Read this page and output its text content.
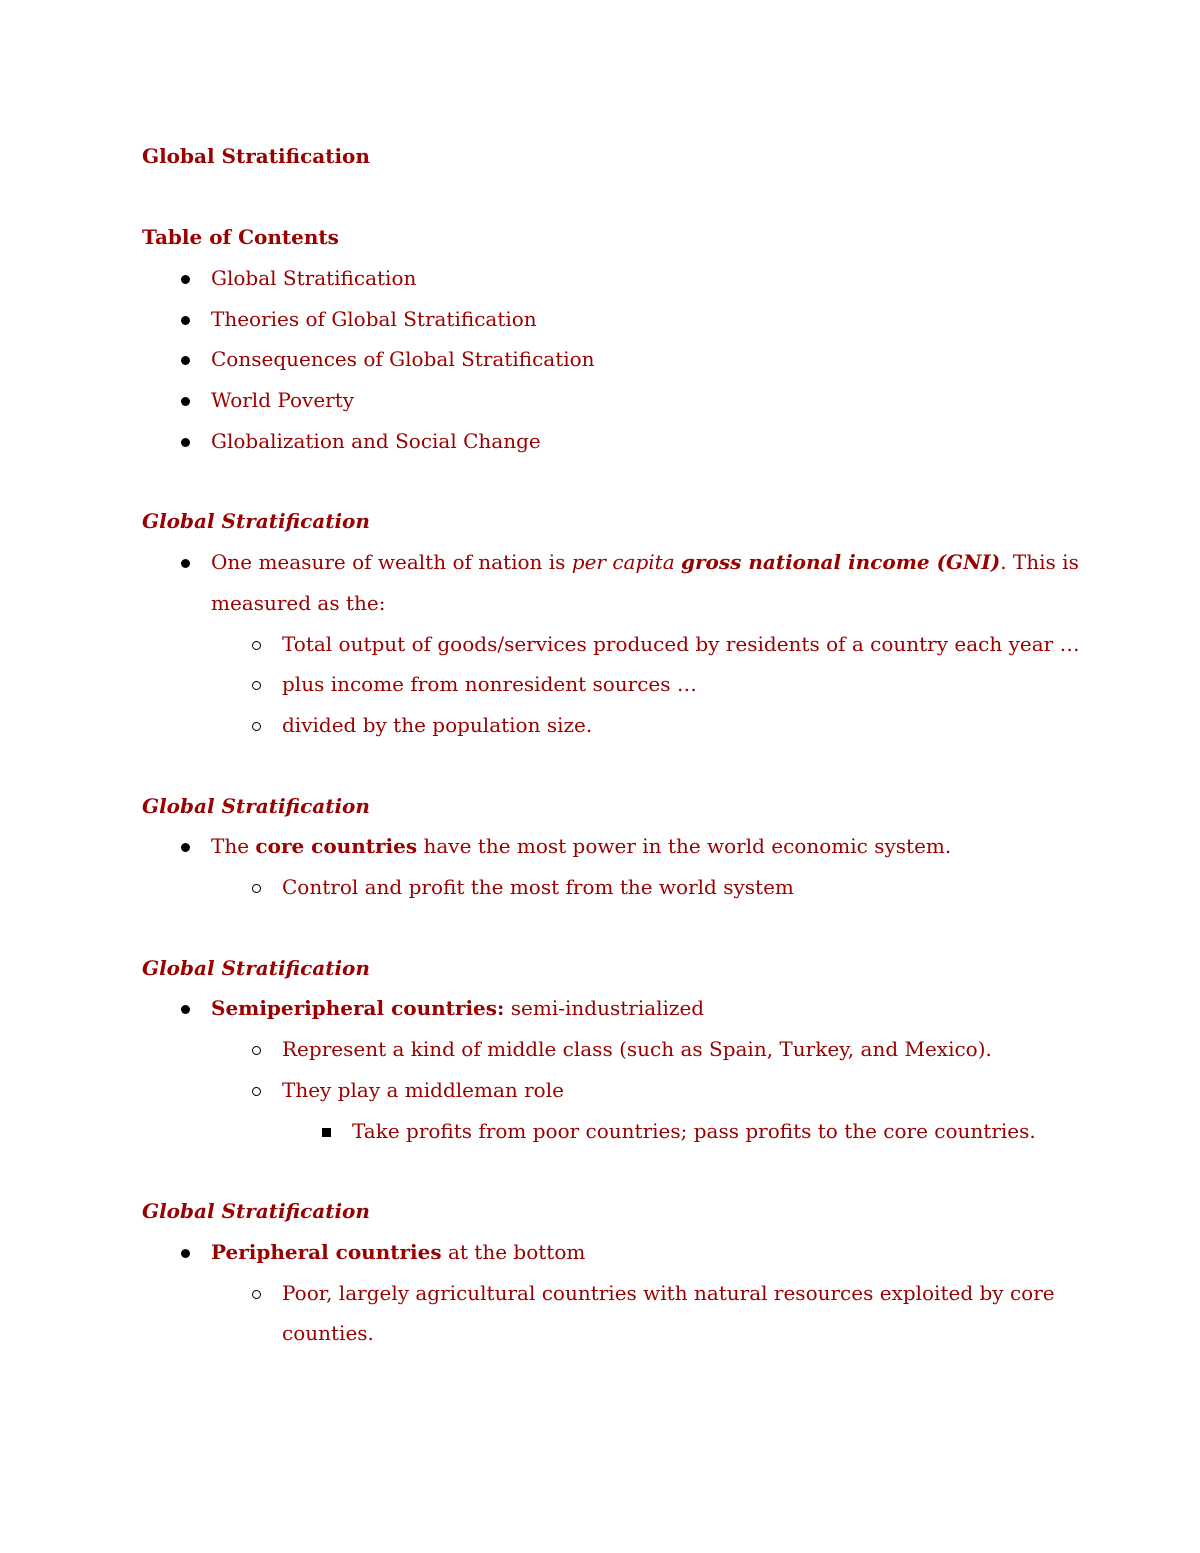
Global Stratification
Table of Contents
Global Stratification
Theories of Global Stratification
Consequences of Global Stratification
World Poverty
Globalization and Social Change
Global Stratification
One measure of wealth of nation is per capita gross national income (GNI). This is
measured as the:
Total output of goods/services produced by residents of a country each year …
plus income from nonresident sources …
divided by the population size.
Global Stratification
The core countries have the most power in the world economic system.
Control and profit the most from the world system
Global Stratification
Semiperipheral countries: semi-industrialized
Represent a kind of middle class (such as Spain, Turkey, and Mexico).
They play a middleman role
Take profits from poor countries; pass profits to the core countries.
Global Stratification
Peripheral countries at the bottom
Poor, largely agricultural countries with natural resources exploited by core
counties.
